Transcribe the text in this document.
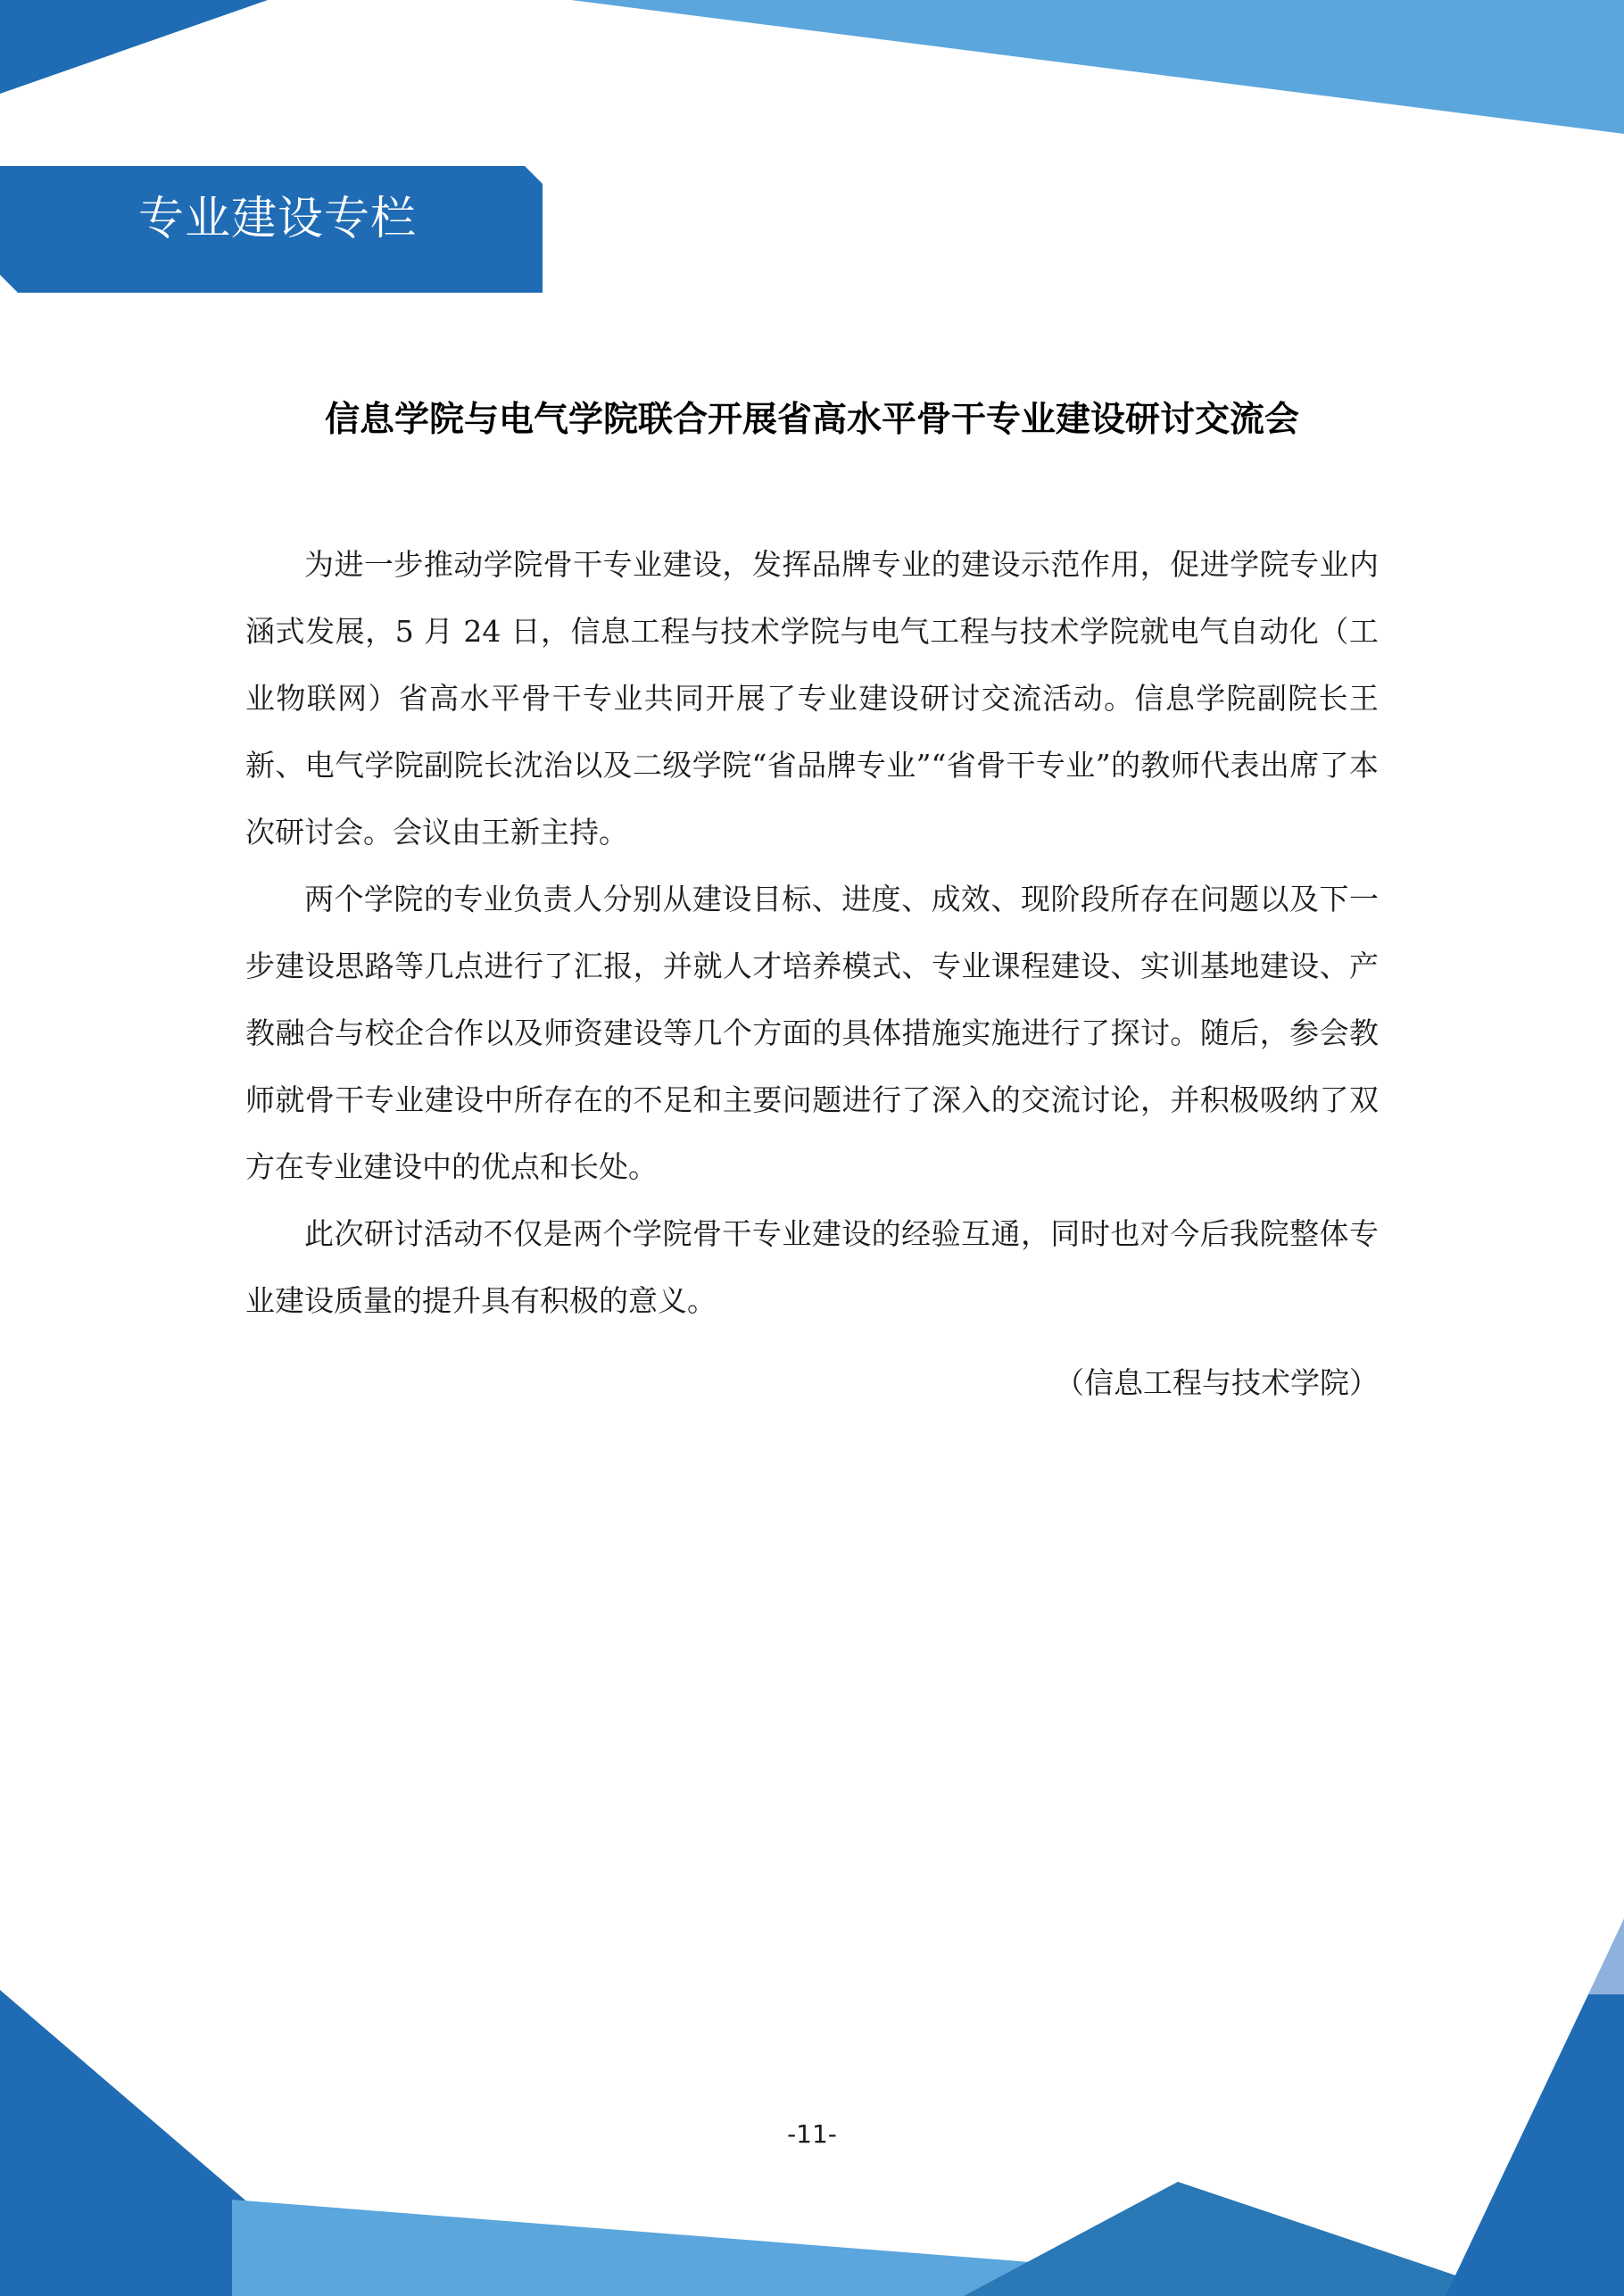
专业建设专栏
信息学院与电气学院联合开展省高水平骨干专业建设研讨交流会

为进一步推动学院骨干专业建设，发挥品牌专业的建设示范作用，促进学院专业内涵式发展，5 月 24 日，信息工程与技术学院与电气工程与技术学院就电气自动化（工业物联网）省高水平骨干专业共同开展了专业建设研讨交流活动。信息学院副院长王新、电气学院副院长沈治以及二级学院“省品牌专业”“省骨干专业”的教师代表出席了本次研讨会。会议由王新主持。

两个学院的专业负责人分别从建设目标、进度、成效、现阶段所存在问题以及下一步建设思路等几点进行了汇报，并就人才培养模式、专业课程建设、实训基地建设、产教融合与校企合作以及师资建设等几个方面的具体措施实施进行了探讨。随后，参会教师就骨干专业建设中所存在的不足和主要问题进行了深入的交流讨论，并积极吸纳了双方在专业建设中的优点和长处。

此次研讨活动不仅是两个学院骨干专业建设的经验互通，同时也对今后我院整体专业建设质量的提升具有积极的意义。

（信息工程与技术学院）
-11-
